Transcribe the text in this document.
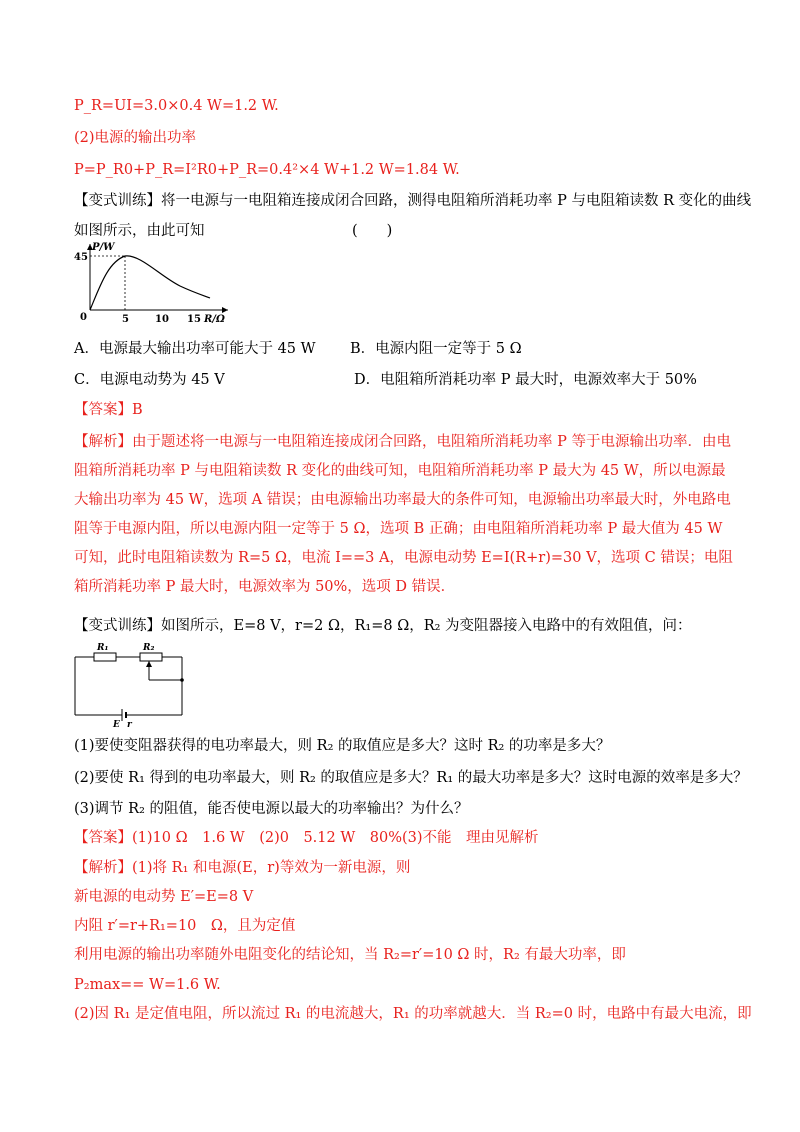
P_R=UI=3.0×0.4 W=1.2 W.
(2)电源的输出功率
P=P_R0+P_R=I²R0+P_R=0.4²×4 W+1.2 W=1.84 W.
【变式训练】将一电源与一电阻箱连接成闭合回路，测得电阻箱所消耗功率 P 与电阻箱读数 R 变化的曲线
如图所示，由此可知	(　　)
P/W
45
0	5	10 15 R/Ω
A．电源最大输出功率可能大于 45 W B．电源内阻一定等于 5 Ω
C．电源电动势为 45 V	D．电阻箱所消耗功率 P 最大时，电源效率大于 50%
【答案】B
【解析】由于题述将一电源与一电阻箱连接成闭合回路，电阻箱所消耗功率 P 等于电源输出功率．由电阻箱所消耗功率 P 与电阻箱读数 R 变化的曲线可知，电阻箱所消耗功率 P 最大为 45 W，所以电源最大输出功率为 45 W，选项 A 错误；由电源输出功率最大的条件可知，电源输出功率最大时，外电路电阻等于电源内阻，所以电源内阻一定等于 5 Ω，选项 B 正确；由电阻箱所消耗功率 P 最大值为 45 W 可知，此时电阻箱读数为 R=5 Ω，电流 I==3 A，电源电动势 E=I(R+r)=30 V，选项 C 错误；电阻箱所消耗功率 P 最大时，电源效率为 50%，选项 D 错误．
【变式训练】如图所示，E=8 V，r=2 Ω，R₁=8 Ω，R₂ 为变阻器接入电路中的有效阻值，问：
R₁	R₂
E r
(1)要使变阻器获得的电功率最大，则 R₂ 的取值应是多大？这时 R₂ 的功率是多大？
(2)要使 R₁ 得到的电功率最大，则 R₂ 的取值应是多大？R₁ 的最大功率是多大？这时电源的效率是多大？
(3)调节 R₂ 的阻值，能否使电源以最大的功率输出？为什么？
【答案】(1)10 Ω　1.6 W　(2)0　5.12 W　80%(3)不能　理由见解析
【解析】(1)将 R₁ 和电源(E，r)等效为一新电源，则
新电源的电动势 E′=E=8 V
内阻 r′=r+R₁=10　Ω，且为定值
利用电源的输出功率随外电阻变化的结论知，当 R₂=r′=10 Ω 时，R₂ 有最大功率，即
P₂max== W=1.6 W.
(2)因 R₁ 是定值电阻，所以流过 R₁ 的电流越大，R₁ 的功率就越大．当 R₂=0 时，电路中有最大电流，即
